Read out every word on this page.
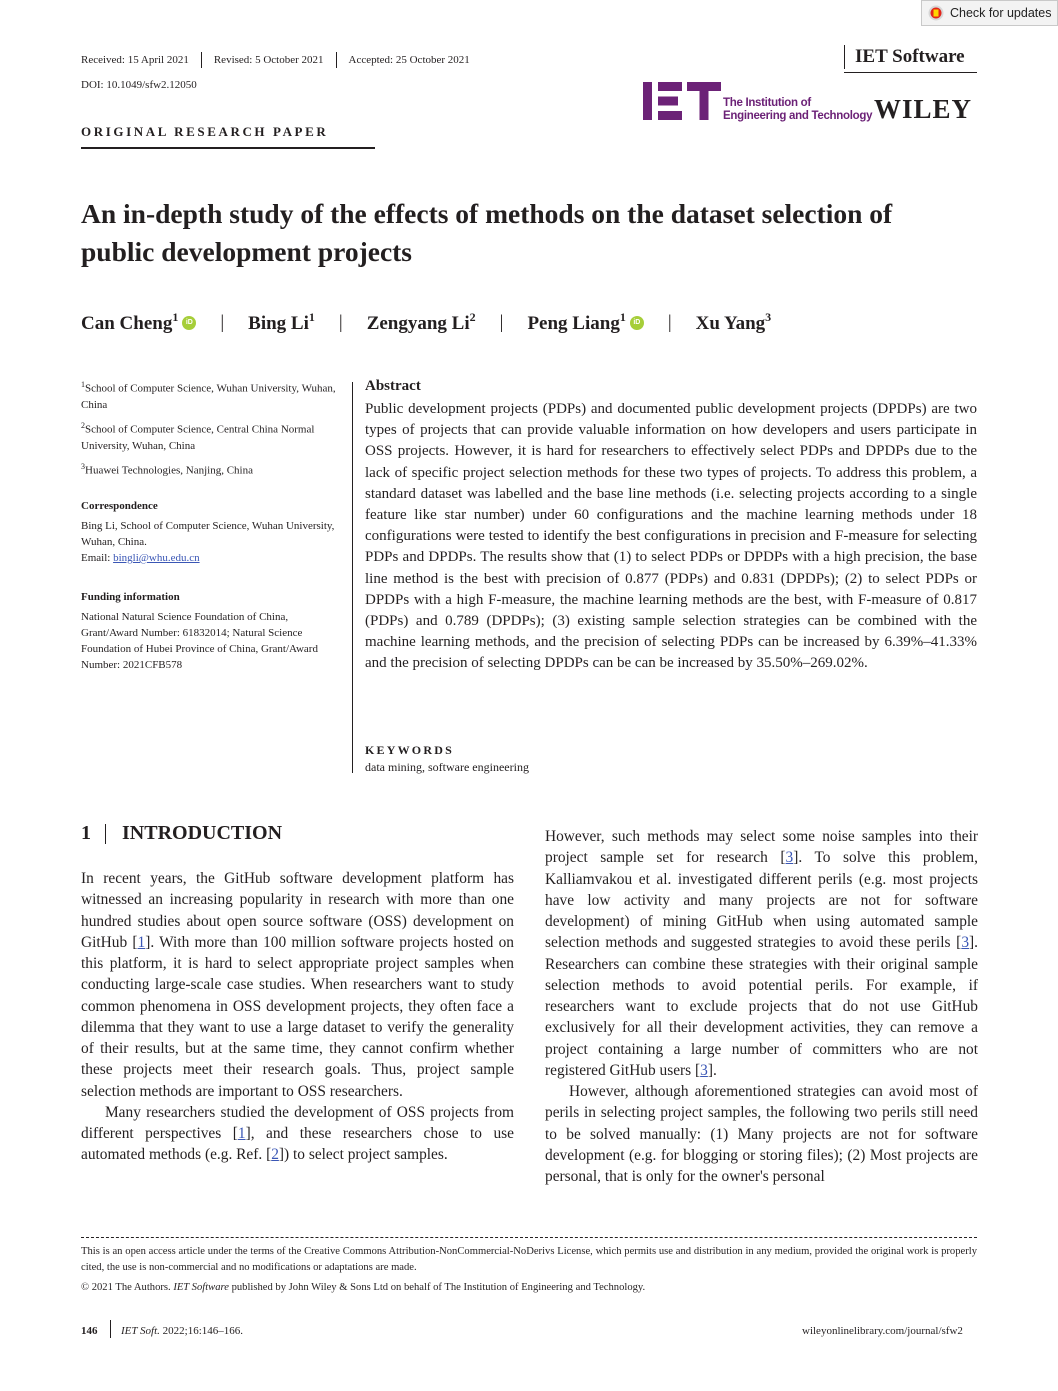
Check for updates
Received: 15 April 2021 Revised: 5 October 2021 Accepted: 25 October 2021
DOI: 10.1049/sfw2.12050
IET Software
The Institution of
Engineering and Technology WILEY
ORIGINAL RESEARCH PAPER
An in-depth study of the effects of methods on the dataset selection of public development projects
Can Cheng$^1$	iD | Bing Li$^1$ | Zengyang Li$^2$ | Peng Liang$^1$	iD | Xu Yang$^3$
$^1$School of Computer Science, Wuhan University, Wuhan, China
$^2$School of Computer Science, Central China Normal University, Wuhan, China
$^3$Huawei Technologies, Nanjing, China
Correspondence
Bing Li, School of Computer Science, Wuhan University, Wuhan, China.
Email: bingli@whu.edu.cn
Funding information
National Natural Science Foundation of China, Grant/Award Number: 61832014; Natural Science Foundation of Hubei Province of China, Grant/Award Number: 2021CFB578
Abstract
Public development projects (PDPs) and documented public development projects (DPDPs) are two types of projects that can provide valuable information on how developers and users participate in OSS projects. However, it is hard for researchers to effectively select PDPs and DPDPs due to the lack of specific project selection methods for these two types of projects. To address this problem, a standard dataset was labelled and the base line methods (i.e. selecting projects according to a single feature like star number) under 60 configurations and the machine learning methods under 18 configurations were tested to identify the best configurations in precision and F-measure for selecting PDPs and DPDPs. The results show that (1) to select PDPs or DPDPs with a high precision, the base line method is the best with precision of 0.877 (PDPs) and 0.831 (DPDPs); (2) to select PDPs or DPDPs with a high F-measure, the machine learning methods are the best, with F-measure of 0.817 (PDPs) and 0.789 (DPDPs); (3) existing sample selection strategies can be combined with the machine learning methods, and the precision of selecting PDPs can be increased by 6.39%–41.33% and the precision of selecting DPDPs can be can be increased by 35.50%–269.02%.
KEYWORDS
data mining, software engineering
1 INTRODUCTION

In recent years, the GitHub software development platform has witnessed an increasing popularity in research with more than one hundred studies about open source software (OSS) development on GitHub [1]. With more than 100 million software projects hosted on this platform, it is hard to select appropriate project samples when conducting large-scale case studies. When researchers want to study common phenomena in OSS development projects, they often face a dilemma that they want to use a large dataset to verify the generality of their results, but at the same time, they cannot confirm whether these projects meet their research goals. Thus, project sample selection methods are important to OSS researchers.

Many researchers studied the development of OSS projects from different perspectives [1], and these researchers chose to use automated methods (e.g. Ref. [2]) to select project samples.

However, such methods may select some noise samples into their project sample set for research [3]. To solve this problem, Kalliamvakou et al. investigated different perils (e.g. most projects have low activity and many projects are not for software development) of mining GitHub when using automated sample selection methods and suggested strategies to avoid these perils [3]. Researchers can combine these strategies with their original sample selection methods to avoid potential perils. For example, if researchers want to exclude projects that do not use GitHub exclusively for all their development activities, they can remove a project containing a large number of committers who are not registered GitHub users [3].

However, although aforementioned strategies can avoid most of perils in selecting project samples, the following two perils still need to be solved manually: (1) Many projects are not for software development (e.g. for blogging or storing files); (2) Most projects are personal, that is only for the owner's personal

This is an open access article under the terms of the Creative Commons Attribution-NonCommercial-NoDerivs License, which permits use and distribution in any medium, provided the original work is properly cited, the use is non-commercial and no modifications or adaptations are made.
© 2021 The Authors. IET Software published by John Wiley & Sons Ltd on behalf of The Institution of Engineering and Technology.
146 IET Soft. 2022;16:146–166.	wileyonlinelibrary.com/journal/sfw2
